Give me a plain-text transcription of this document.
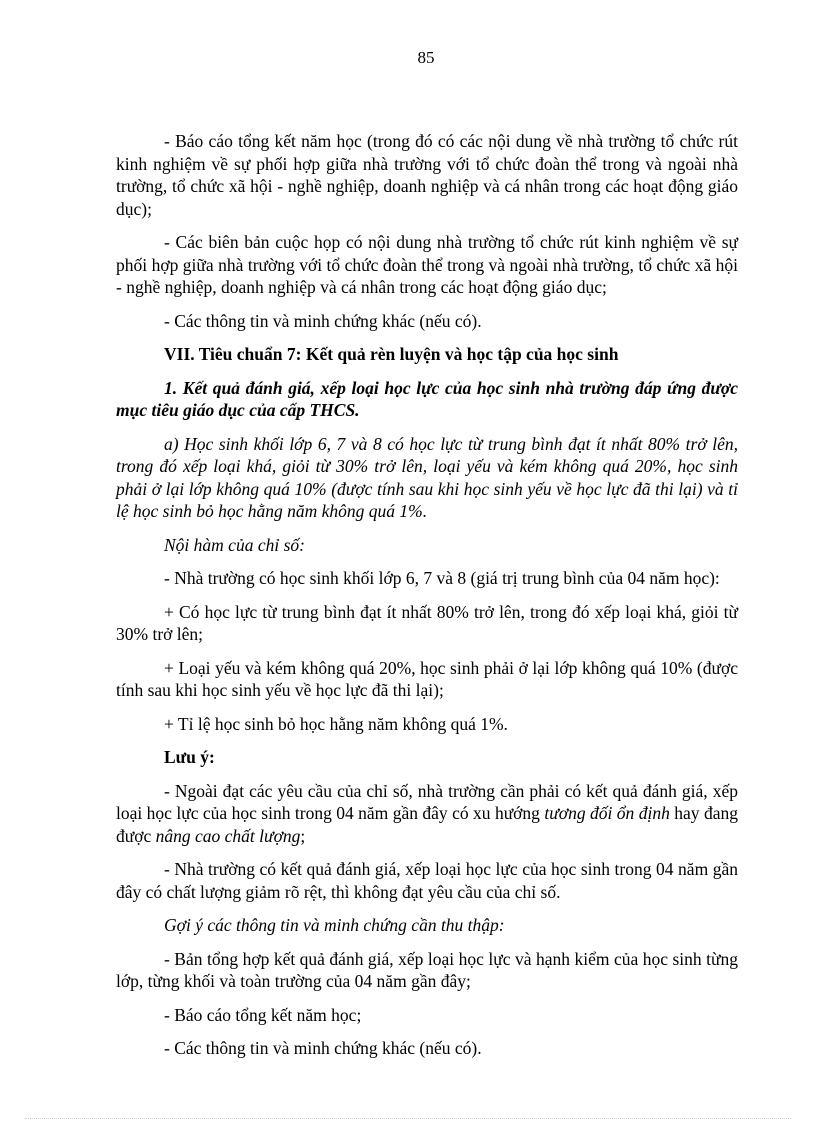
85

- Báo cáo tổng kết năm học (trong đó có các nội dung về nhà trường tổ chức rút kinh nghiệm về sự phối hợp giữa nhà trường với tổ chức đoàn thể trong và ngoài nhà trường, tổ chức xã hội - nghề nghiệp, doanh nghiệp và cá nhân trong các hoạt động giáo dục);

- Các biên bản cuộc họp có nội dung nhà trường tổ chức rút kinh nghiệm về sự phối hợp giữa nhà trường với tổ chức đoàn thể trong và ngoài nhà trường, tổ chức xã hội - nghề nghiệp, doanh nghiệp và cá nhân trong các hoạt động giáo dục;

- Các thông tin và minh chứng khác (nếu có).

VII. Tiêu chuẩn 7: Kết quả rèn luyện và học tập của học sinh

1. Kết quả đánh giá, xếp loại học lực của học sinh nhà trường đáp ứng được mục tiêu giáo dục của cấp THCS.

a) Học sinh khối lớp 6, 7 và 8 có học lực từ trung bình đạt ít nhất 80% trở lên, trong đó xếp loại khá, giỏi từ 30% trở lên, loại yếu và kém không quá 20%, học sinh phải ở lại lớp không quá 10% (được tính sau khi học sinh yếu về học lực đã thi lại) và tỉ lệ học sinh bỏ học hằng năm không quá 1%.

Nội hàm của chỉ số:

- Nhà trường có học sinh khối lớp 6, 7 và 8 (giá trị trung bình của 04 năm học):

+ Có học lực từ trung bình đạt ít nhất 80% trở lên, trong đó xếp loại khá, giỏi từ 30% trở lên;

+ Loại yếu và kém không quá 20%, học sinh phải ở lại lớp không quá 10% (được tính sau khi học sinh yếu về học lực đã thi lại);

+ Tỉ lệ học sinh bỏ học hằng năm không quá 1%.

Lưu ý:

- Ngoài đạt các yêu cầu của chỉ số, nhà trường cần phải có kết quả đánh giá, xếp loại học lực của học sinh trong 04 năm gần đây có xu hướng tương đối ổn định hay đang được nâng cao chất lượng;

- Nhà trường có kết quả đánh giá, xếp loại học lực của học sinh trong 04 năm gần đây có chất lượng giảm rõ rệt, thì không đạt yêu cầu của chỉ số.

Gợi ý các thông tin và minh chứng cần thu thập:

- Bản tổng hợp kết quả đánh giá, xếp loại học lực và hạnh kiểm của học sinh từng lớp, từng khối và toàn trường của 04 năm gần đây;

- Báo cáo tổng kết năm học;

- Các thông tin và minh chứng khác (nếu có).
